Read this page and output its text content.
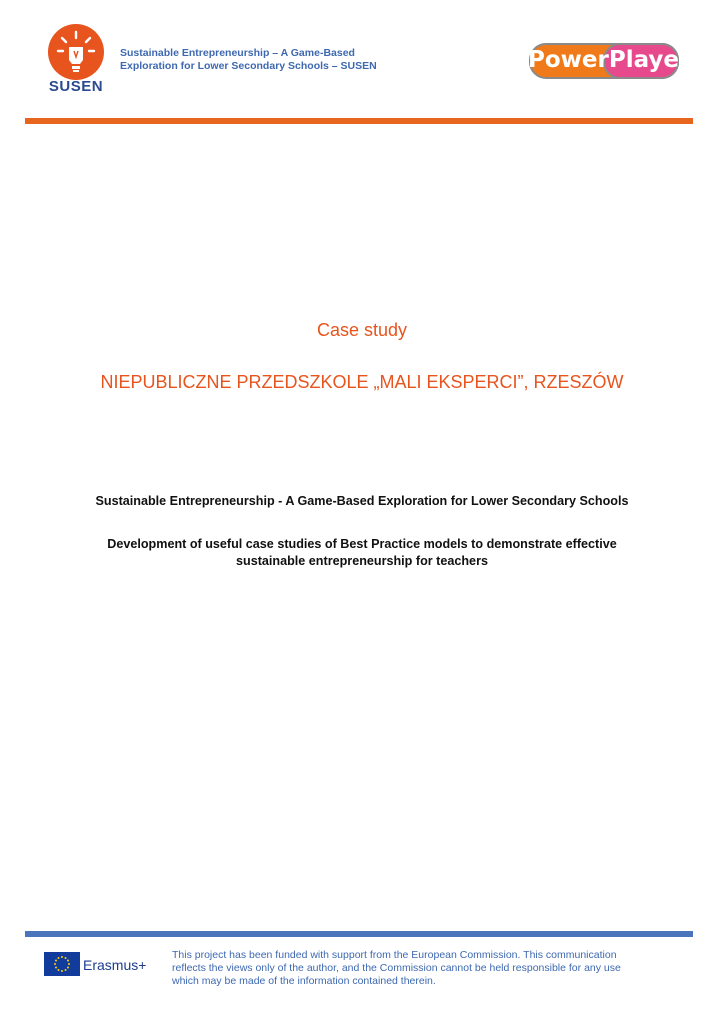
SUSEN
Sustainable Entrepreneurship – A Game-Based
Exploration for Lower Secondary Schools – SUSEN	PowerPlayer
Case study
NIEPUBLICZNE PRZEDSZKOLE „MALI EKSPERCI”, RZESZÓW
Sustainable Entrepreneurship - A Game-Based Exploration for Lower Secondary Schools
Development of useful case studies of Best Practice models to demonstrate effective
sustainable entrepreneurship for teachers
Erasmus+
This project has been funded with support from the European Commission. This communication
reflects the views only of the author, and the Commission cannot be held responsible for any use
which may be made of the information contained therein.
